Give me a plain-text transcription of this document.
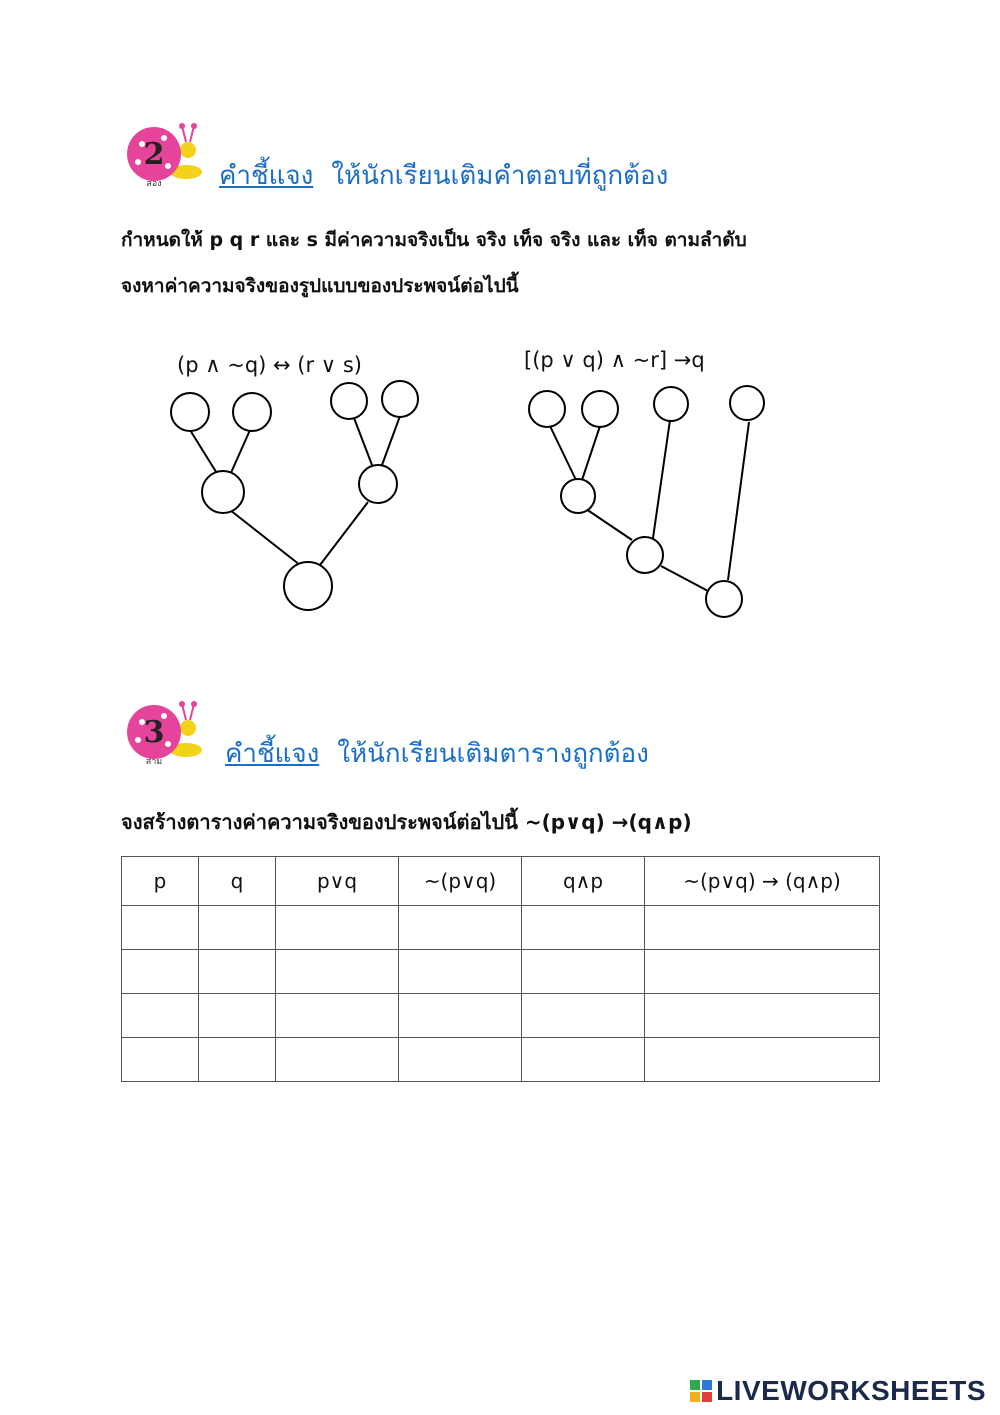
2
สอง คำชี้แจง ให้นักเรียนเติมคำตอบที่ถูกต้อง
กำหนดให้ p q r และ s มีค่าความจริงเป็น จริง เท็จ จริง และ เท็จ ตามลำดับ
จงหาค่าความจริงของรูปแบบของประพจน์ต่อไปนี้
(p ∧ ~q) ↔ (r ∨ s)	[(p ∨ q) ∧ ~r] →q
3
สาม คำชี้แจง ให้นักเรียนเติมตารางถูกต้อง
จงสร้างตารางค่าความจริงของประพจน์ต่อไปนี้ ~(p∨q) →(q∧p)
p	q	p∨q	~(p∨q)	q∧p	~(p∨q) → (q∧p)

LIVEWORKSHEETS
